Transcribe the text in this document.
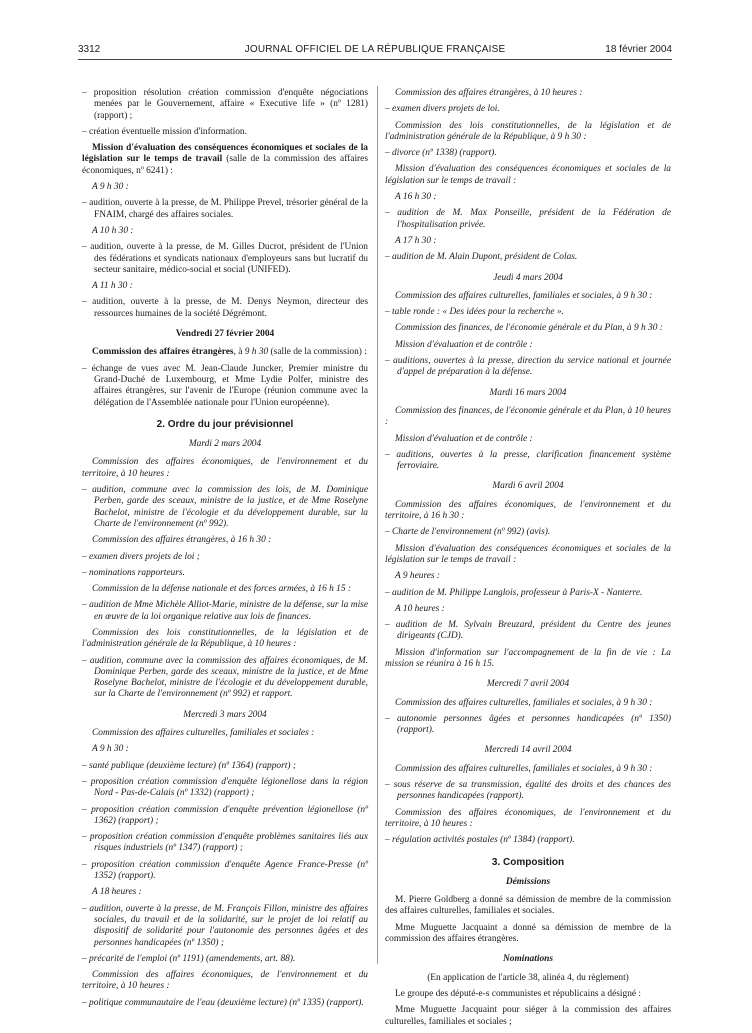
3312	JOURNAL OFFICIEL DE LA RÉPUBLIQUE FRANÇAISE	18 février 2004

– proposition résolution création commission d'enquête négociations menées par le Gouvernement, affaire « Executive life » (nº 1281) (rapport) ;

– création éventuelle mission d'information.

Mission d'évaluation des conséquences économiques et sociales de la législation sur le temps de travail (salle de la commission des affaires économiques, nº 6241) :

A 9 h 30 :

– audition, ouverte à la presse, de M. Philippe Prevel, trésorier général de la FNAIM, chargé des affaires sociales.

A 10 h 30 :

– audition, ouverte à la presse, de M. Gilles Ducrot, président de l'Union des fédérations et syndicats nationaux d'employeurs sans but lucratif du secteur sanitaire, médico-social et social (UNIFED).

A 11 h 30 :

– audition, ouverte à la presse, de M. Denys Neymon, directeur des ressources humaines de la société Dégrémont.

Vendredi 27 février 2004

Commission des affaires étrangères, à 9 h 30 (salle de la commission) :

– échange de vues avec M. Jean-Claude Juncker, Premier ministre du Grand-Duché de Luxembourg, et Mme Lydie Polfer, ministre des affaires étrangères, sur l'avenir de l'Europe (réunion commune avec la délégation de l'Assemblée nationale pour l'Union européenne).

2. Ordre du jour prévisionnel

Mardi 2 mars 2004

Commission des affaires économiques, de l'environnement et du territoire, à 10 heures :

– audition, commune avec la commission des lois, de M. Dominique Perben, garde des sceaux, ministre de la justice, et de Mme Roselyne Bachelot, ministre de l'écologie et du développement durable, sur la Charte de l'environnement (nº 992).

Commission des affaires étrangères, à 16 h 30 :

– examen divers projets de loi ;

– nominations rapporteurs.

Commission de la défense nationale et des forces armées, à 16 h 15 :

– audition de Mme Michèle Alliot-Marie, ministre de la défense, sur la mise en œuvre de la loi organique relative aux lois de finances.

Commission des lois constitutionnelles, de la législation et de l'administration générale de la République, à 10 heures :

– audition, commune avec la commission des affaires économiques, de M. Dominique Perben, garde des sceaux, ministre de la justice, et de Mme Roselyne Bachelot, ministre de l'écologie et du développement durable, sur la Charte de l'environnement (nº 992) et rapport.

Mercredi 3 mars 2004

Commission des affaires culturelles, familiales et sociales :

A 9 h 30 :

– santé publique (deuxième lecture) (nº 1364) (rapport) ;

– proposition création commission d'enquête légionellose dans la région Nord - Pas-de-Calais (nº 1332) (rapport) ;

– proposition création commission d'enquête prévention légionellose (nº 1362) (rapport) ;

– proposition création commission d'enquête problèmes sanitaires liés aux risques industriels (nº 1347) (rapport) ;

– proposition création commission d'enquête Agence France-Presse (nº 1352) (rapport).

A 18 heures :

– audition, ouverte à la presse, de M. François Fillon, ministre des affaires sociales, du travail et de la solidarité, sur le projet de loi relatif au dispositif de solidarité pour l'autonomie des personnes âgées et des personnes handicapées (nº 1350) ;

– précarité de l'emploi (nº 1191) (amendements, art. 88).

Commission des affaires économiques, de l'environnement et du territoire, à 10 heures :

– politique communautaire de l'eau (deuxième lecture) (nº 1335) (rapport).

Commission des affaires étrangères, à 10 heures :

– examen divers projets de loi.

Commission des lois constitutionnelles, de la législation et de l'administration générale de la République, à 9 h 30 :

– divorce (nº 1338) (rapport).

Mission d'évaluation des conséquences économiques et sociales de la législation sur le temps de travail :

A 16 h 30 :

– audition de M. Max Ponseille, président de la Fédération de l'hospitalisation privée.

A 17 h 30 :

– audition de M. Alain Dupont, président de Colas.

Jeudi 4 mars 2004

Commission des affaires culturelles, familiales et sociales, à 9 h 30 :

– table ronde : « Des idées pour la recherche ».

Commission des finances, de l'économie générale et du Plan, à 9 h 30 :

Mission d'évaluation et de contrôle :

– auditions, ouvertes à la presse, direction du service national et journée d'appel de préparation à la défense.

Mardi 16 mars 2004

Commission des finances, de l'économie générale et du Plan, à 10 heures :

Mission d'évaluation et de contrôle :

– auditions, ouvertes à la presse, clarification financement système ferroviaire.

Mardi 6 avril 2004

Commission des affaires économiques, de l'environnement et du territoire, à 16 h 30 :

– Charte de l'environnement (nº 992) (avis).

Mission d'évaluation des conséquences économiques et sociales de la législation sur le temps de travail :

A 9 heures :

– audition de M. Philippe Langlois, professeur à Paris-X - Nanterre.

A 10 heures :

– audition de M. Sylvain Breuzard, président du Centre des jeunes dirigeants (CJD).

Mission d'information sur l'accompagnement de la fin de vie : La mission se réunira à 16 h 15.

Mercredi 7 avril 2004

Commission des affaires culturelles, familiales et sociales, à 9 h 30 :

– autonomie personnes âgées et personnes handicapées (nº 1350) (rapport).

Mercredi 14 avril 2004

Commission des affaires culturelles, familiales et sociales, à 9 h 30 :

– sous réserve de sa transmission, égalité des droits et des chances des personnes handicapées (rapport).

Commission des affaires économiques, de l'environnement et du territoire, à 10 heures :

– régulation activités postales (nº 1384) (rapport).

3. Composition

Démissions

M. Pierre Goldberg a donné sa démission de membre de la commission des affaires culturelles, familiales et sociales.

Mme Muguette Jacquaint a donné sa démission de membre de la commission des affaires étrangères.

Nominations

(En application de l'article 38, alinéa 4, du règlement)

Le groupe des député-e-s communistes et républicains a désigné :

Mme Muguette Jacquaint pour siéger à la commission des affaires culturelles, familiales et sociales ;
